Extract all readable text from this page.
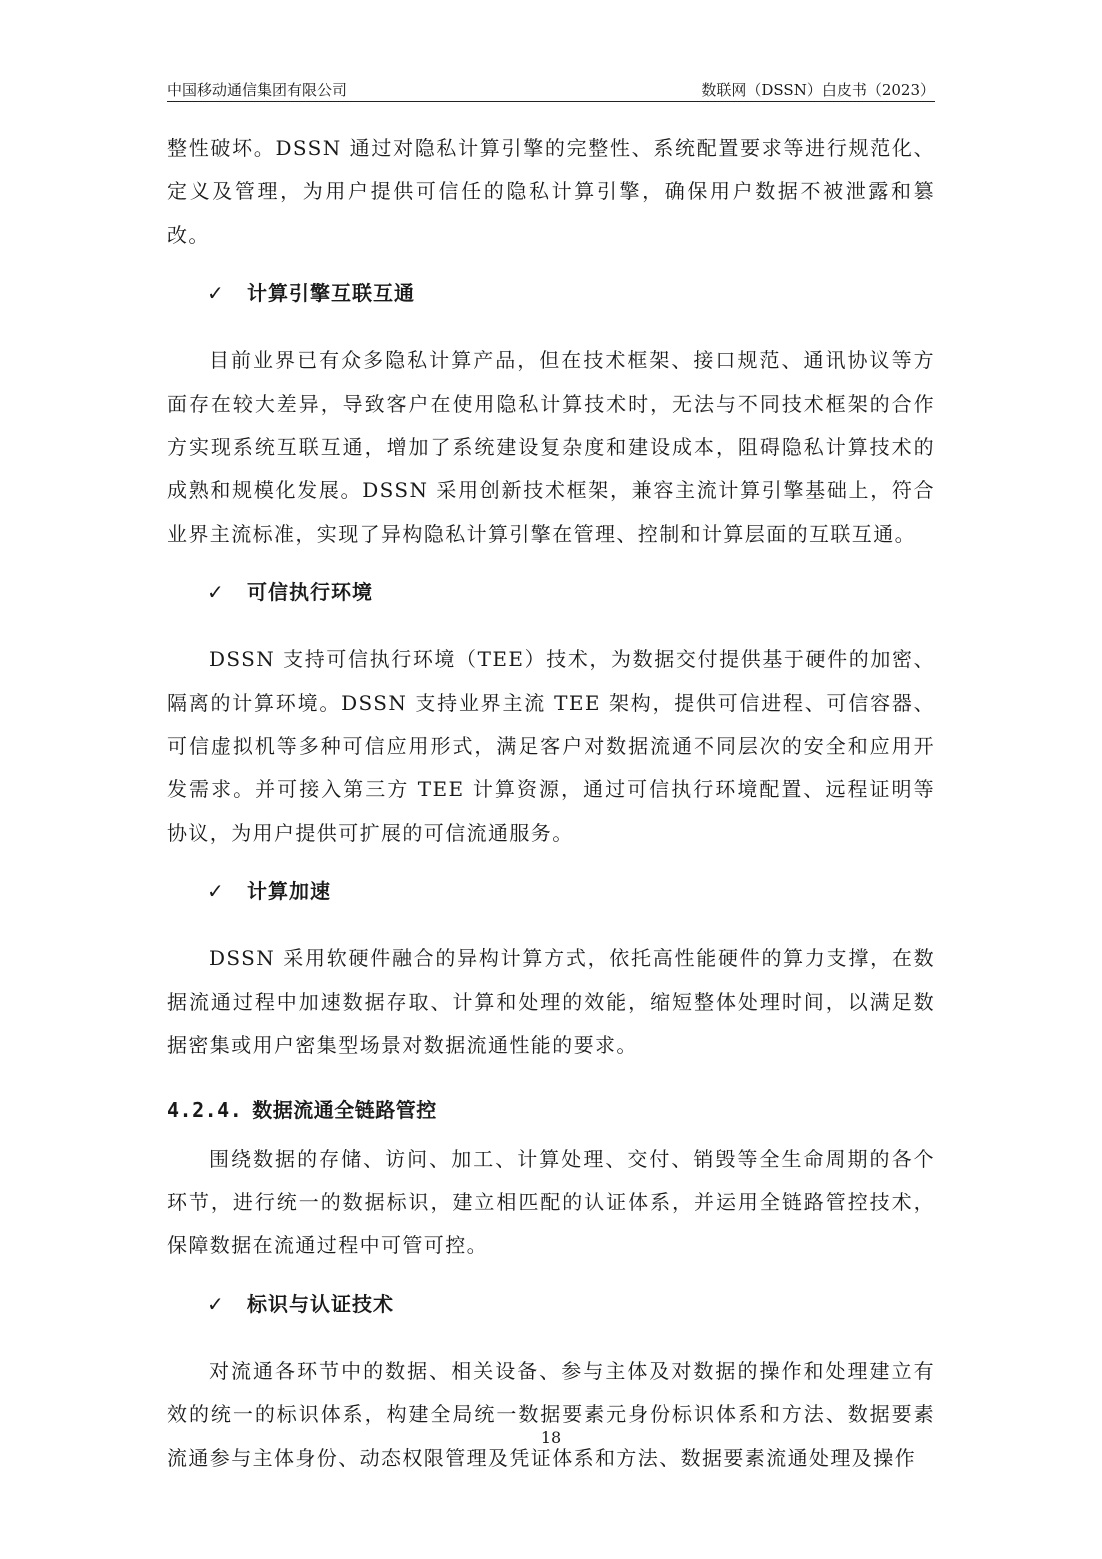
中国移动通信集团有限公司	数联网（DSSN）白皮书（2023）

整性破坏。DSSN 通过对隐私计算引擎的完整性、系统配置要求等进行规范化、定义及管理，为用户提供可信任的隐私计算引擎，确保用户数据不被泄露和篡改。

✓ 计算引擎互联互通

目前业界已有众多隐私计算产品，但在技术框架、接口规范、通讯协议等方面存在较大差异，导致客户在使用隐私计算技术时，无法与不同技术框架的合作方实现系统互联互通，增加了系统建设复杂度和建设成本，阻碍隐私计算技术的成熟和规模化发展。DSSN 采用创新技术框架，兼容主流计算引擎基础上，符合业界主流标准，实现了异构隐私计算引擎在管理、控制和计算层面的互联互通。

✓ 可信执行环境

DSSN 支持可信执行环境（TEE）技术，为数据交付提供基于硬件的加密、隔离的计算环境。DSSN 支持业界主流 TEE 架构，提供可信进程、可信容器、可信虚拟机等多种可信应用形式，满足客户对数据流通不同层次的安全和应用开发需求。并可接入第三方 TEE 计算资源，通过可信执行环境配置、远程证明等协议，为用户提供可扩展的可信流通服务。

✓ 计算加速

DSSN 采用软硬件融合的异构计算方式，依托高性能硬件的算力支撑，在数据流通过程中加速数据存取、计算和处理的效能，缩短整体处理时间，以满足数据密集或用户密集型场景对数据流通性能的要求。

4.2.4. 数据流通全链路管控

围绕数据的存储、访问、加工、计算处理、交付、销毁等全生命周期的各个环节，进行统一的数据标识，建立相匹配的认证体系，并运用全链路管控技术，保障数据在流通过程中可管可控。

✓ 标识与认证技术

对流通各环节中的数据、相关设备、参与主体及对数据的操作和处理建立有效的统一的标识体系，构建全局统一数据要素元身份标识体系和方法、数据要素流通参与主体身份、动态权限管理及凭证体系和方法、数据要素流通处理及操作

18
